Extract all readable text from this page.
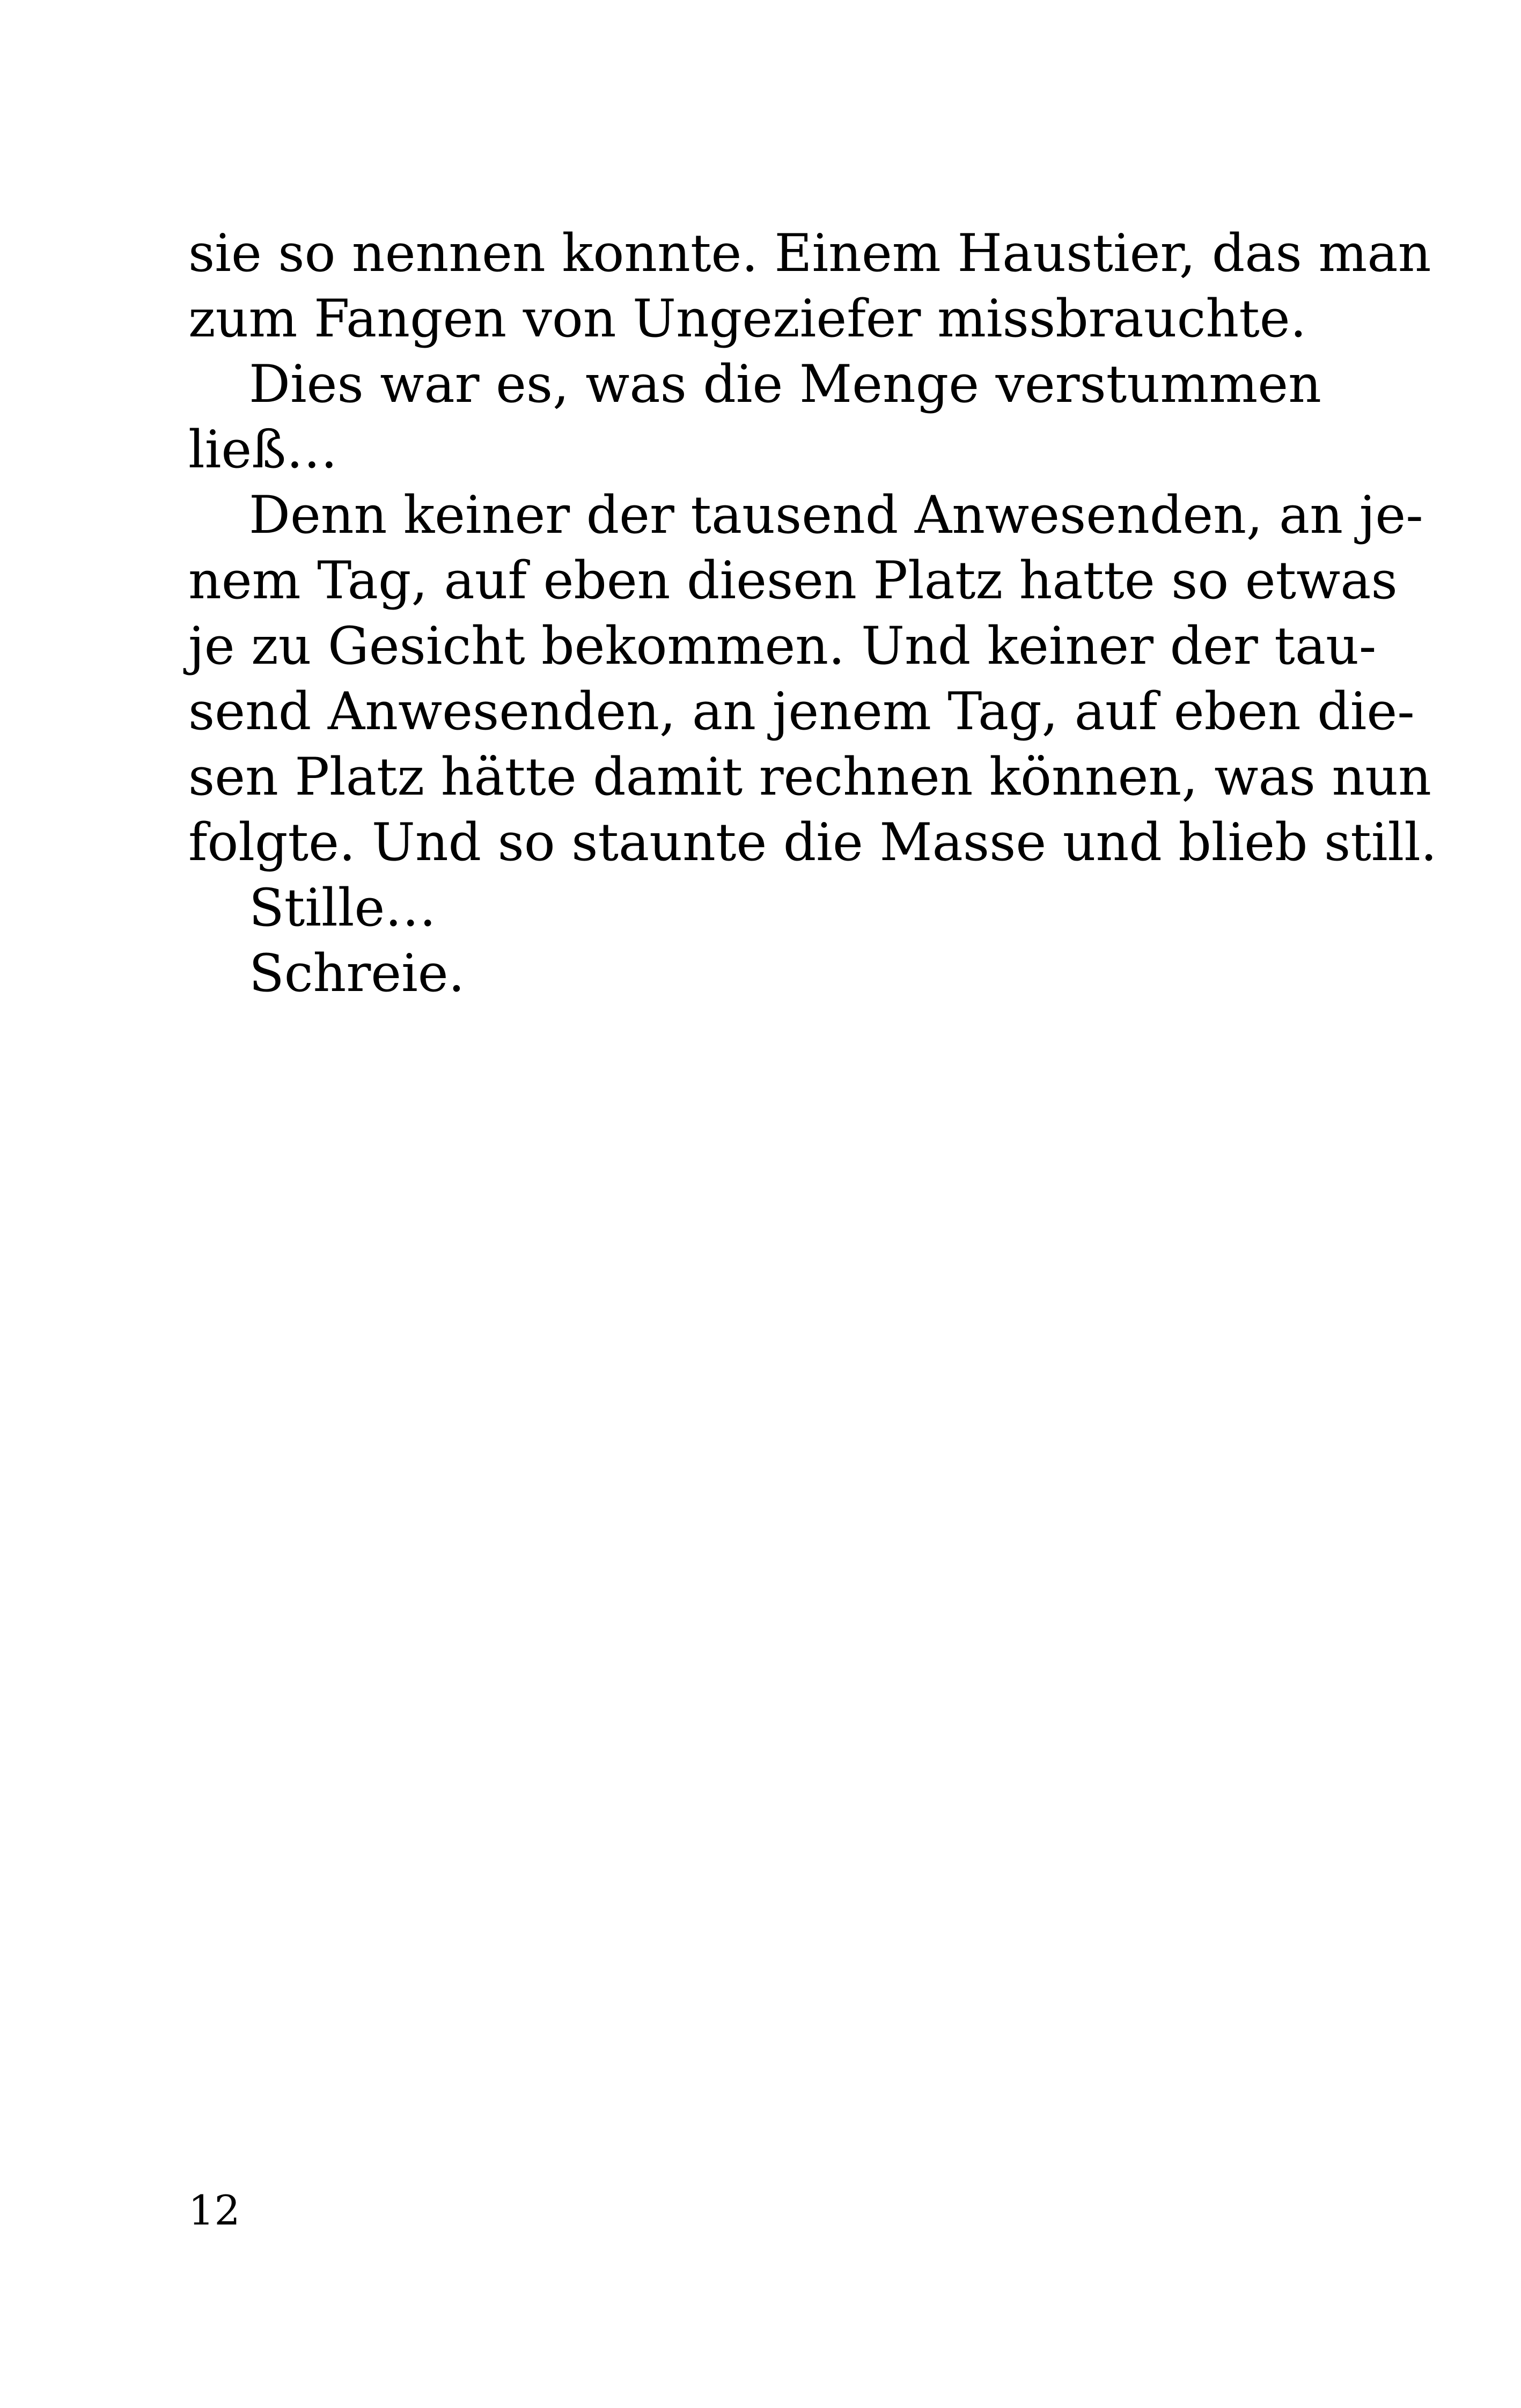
sie so nennen konnte. Einem Haustier, das man

zum Fangen von Ungeziefer missbrauchte.

Dies war es, was die Menge verstummen

ließ…

Denn keiner der tausend Anwesenden, an je-

nem Tag, auf eben diesen Platz hatte so etwas

je zu Gesicht bekommen. Und keiner der tau-

send Anwesenden, an jenem Tag, auf eben die-

sen Platz hätte damit rechnen können, was nun

folgte. Und so staunte die Masse und blieb still.

Stille…

Schreie.

12
